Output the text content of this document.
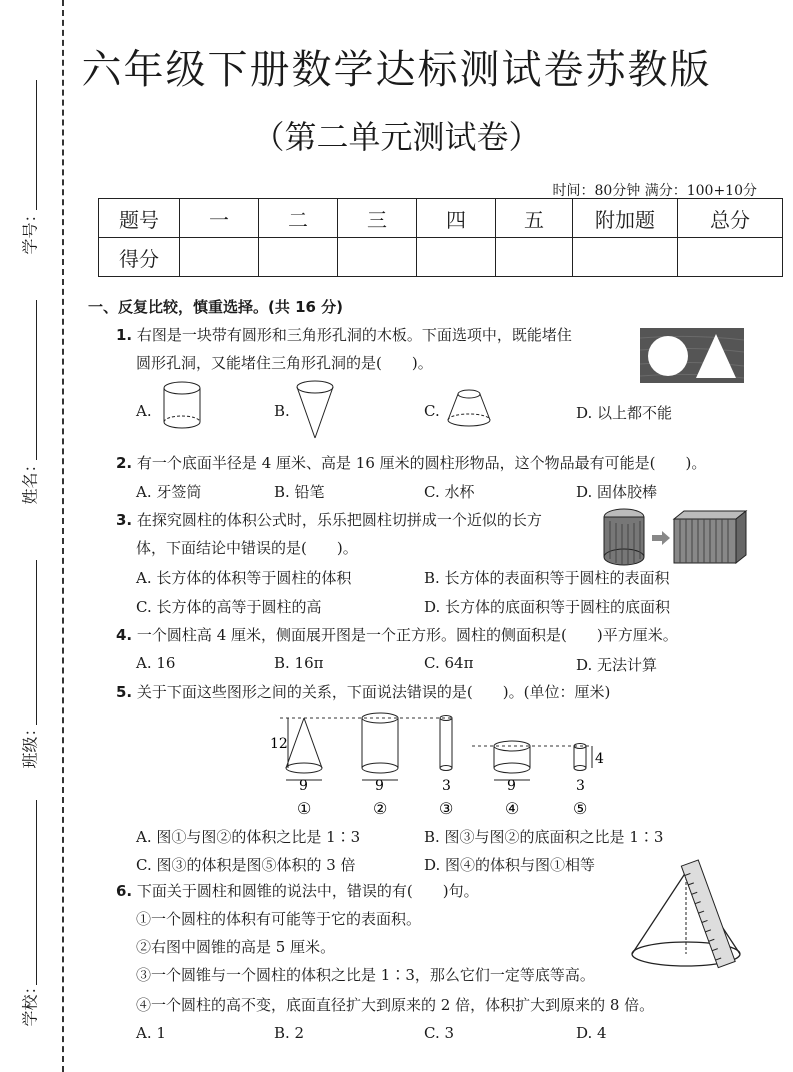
学号：
姓名：
班级：
学校：
六年级下册数学达标测试卷苏教版
（第二单元测试卷）
时间：80分钟 满分：100+10分
题号	一	二	三	四	五	附加题	总分
得分							
一、反复比较，慎重选择。(共 16 分)
1. 右图是一块带有圆形和三角形孔洞的木板。下面选项中，既能堵住
圆形孔洞，又能堵住三角形孔洞的是(　　)。
A.	B.	C.	D. 以上都不能
2. 有一个底面半径是 4 厘米、高是 16 厘米的圆柱形物品，这个物品最有可能是(　　)。
A. 牙签筒	B. 铅笔	C. 水杯	D. 固体胶棒
3. 在探究圆柱的体积公式时，乐乐把圆柱切拼成一个近似的长方
体，下面结论中错误的是(　　)。
A. 长方体的体积等于圆柱的体积	B. 长方体的表面积等于圆柱的表面积
C. 长方体的高等于圆柱的高	D. 长方体的底面积等于圆柱的底面积
4. 一个圆柱高 4 厘米，侧面展开图是一个正方形。圆柱的侧面积是(　　)平方厘米。
A. 16	B. 16π	C. 64π	D. 无法计算
5. 关于下面这些图形之间的关系，下面说法错误的是(　　)。(单位：厘米)
12
4
9	9	3	9	3
①	②	③	④	⑤
A. 图①与图②的体积之比是 1∶3	B. 图③与图②的底面积之比是 1∶3
C. 图③的体积是图⑤体积的 3 倍	D. 图④的体积与图①相等
6. 下面关于圆柱和圆锥的说法中，错误的有(　　)句。
①一个圆柱的体积有可能等于它的表面积。
②右图中圆锥的高是 5 厘米。
③一个圆锥与一个圆柱的体积之比是 1∶3，那么它们一定等底等高。
④一个圆柱的高不变，底面直径扩大到原来的 2 倍，体积扩大到原来的 8 倍。
A. 1	B. 2	C. 3	D. 4
